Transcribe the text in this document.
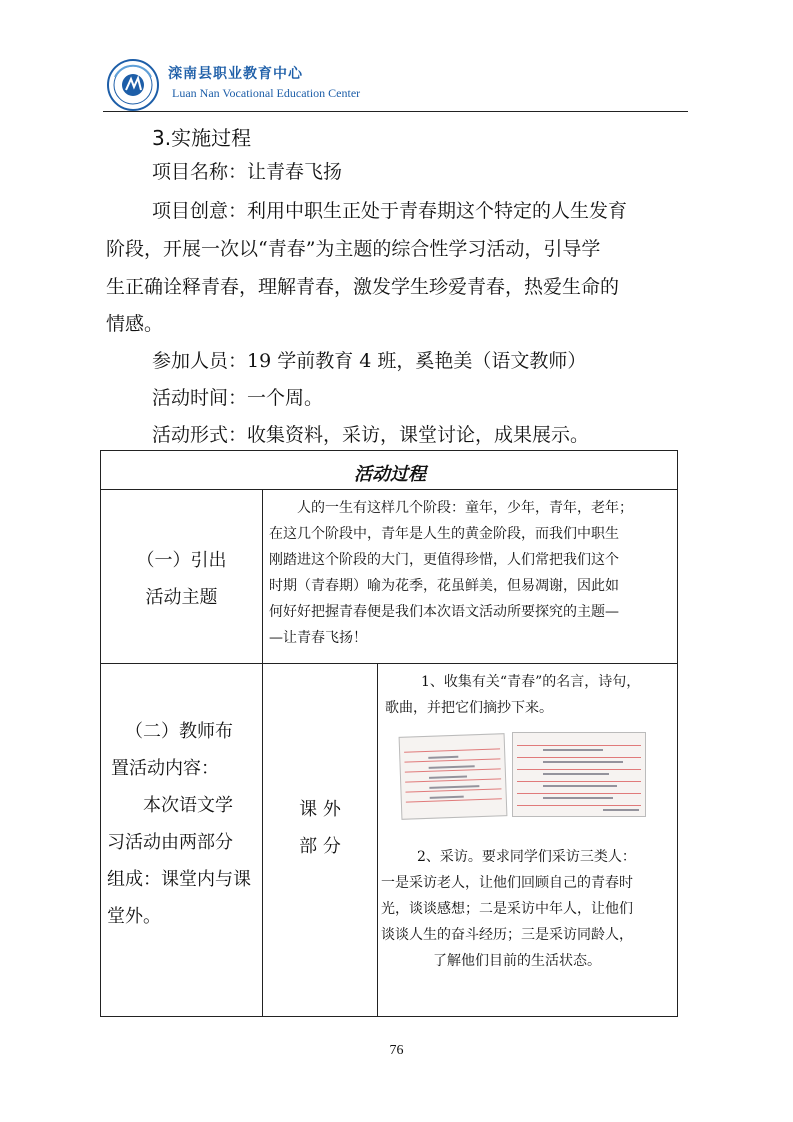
滦南县职业教育中心
Luan Nan Vocational Education Center
3.实施过程
项目名称：让青春飞扬
项目创意：利用中职生正处于青春期这个特定的人生发育
阶段，开展一次以“青春”为主题的综合性学习活动，引导学
生正确诠释青春，理解青春，激发学生珍爱青春，热爱生命的
情感。
参加人员：19 学前教育 4 班，奚艳美（语文教师）
活动时间：一个周。
活动形式：收集资料，采访，课堂讨论，成果展示。
活动过程
（一）引出
活动主题
人的一生有这样几个阶段：童年，少年，青年，老年；
在这几个阶段中，青年是人生的黄金阶段，而我们中职生
刚踏进这个阶段的大门，更值得珍惜，人们常把我们这个
时期（青春期）喻为花季，花虽鲜美，但易凋谢，因此如
何好好把握青春便是我们本次语文活动所要探究的主题—
—让青春飞扬！
（二）教师布
置活动内容：
本次语文学
习活动由两部分
组成：课堂内与课
堂外。
课 外
部 分
1、收集有关“青春”的名言，诗句，
歌曲，并把它们摘抄下来。
2、采访。要求同学们采访三类人：
一是采访老人，让他们回顾自己的青春时
光，谈谈感想；二是采访中年人，让他们
谈谈人生的奋斗经历；三是采访同龄人，
了解他们目前的生活状态。
76
